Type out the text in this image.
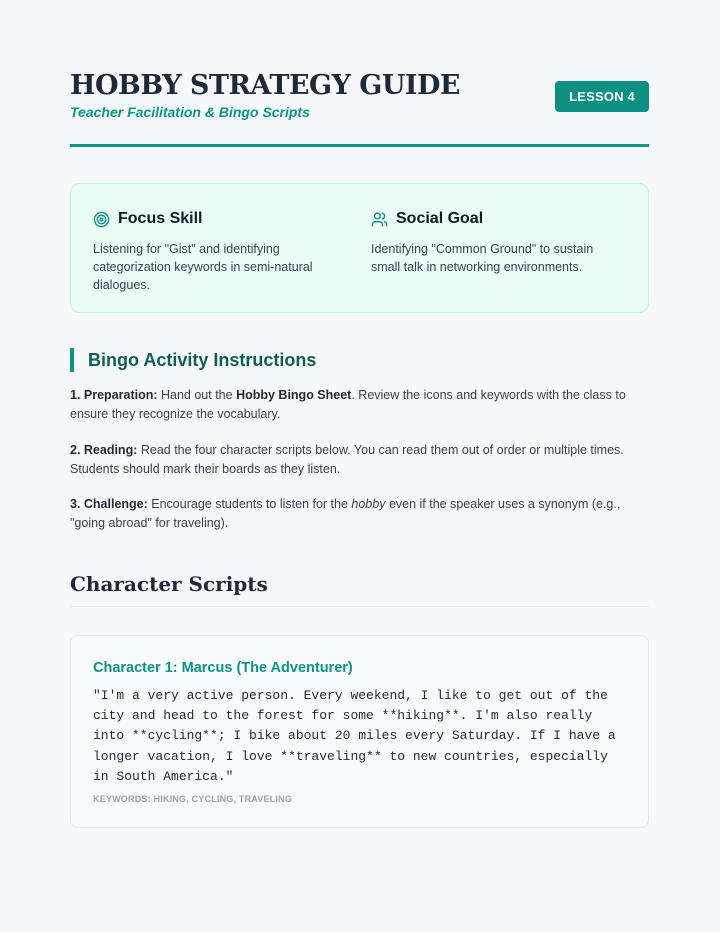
HOBBY STRATEGY GUIDE
Teacher Facilitation & Bingo Scripts
LESSON 4
Focus Skill
Listening for "Gist" and identifying categorization keywords in semi-natural dialogues.
Social Goal
Identifying "Common Ground" to sustain small talk in networking environments.
Bingo Activity Instructions
1. Preparation: Hand out the Hobby Bingo Sheet. Review the icons and keywords with the class to ensure they recognize the vocabulary.
2. Reading: Read the four character scripts below. You can read them out of order or multiple times. Students should mark their boards as they listen.
3. Challenge: Encourage students to listen for the hobby even if the speaker uses a synonym (e.g., "going abroad" for traveling).
Character Scripts
Character 1: Marcus (The Adventurer)
"I'm a very active person. Every weekend, I like to get out of the city and head to the forest for some **hiking**. I'm also really into **cycling**; I bike about 20 miles every Saturday. If I have a longer vacation, I love **traveling** to new countries, especially in South America."
KEYWORDS: HIKING, CYCLING, TRAVELING
